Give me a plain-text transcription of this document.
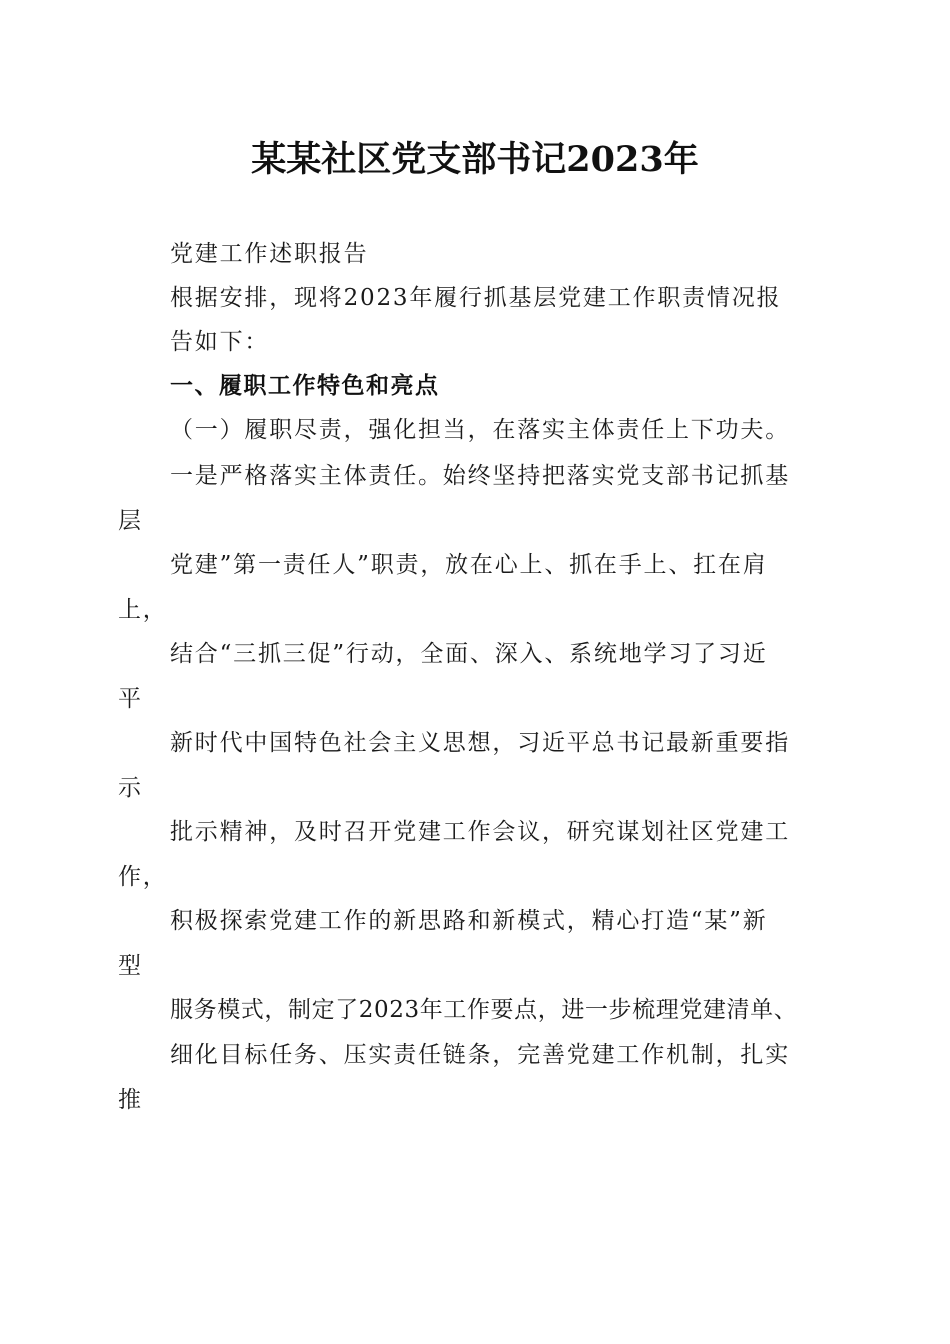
某某社区党支部书记2023年
党建工作述职报告
根据安排，现将2023年履行抓基层党建工作职责情况报
告如下：
一、履职工作特色和亮点
（一）履职尽责，强化担当，在落实主体责任上下功夫。
一是严格落实主体责任。始终坚持把落实党支部书记抓基
层
党建”第一责任人”职责，放在心上、抓在手上、扛在肩
上，
结合“三抓三促”行动，全面、深入、系统地学习了习近
平
新时代中国特色社会主义思想，习近平总书记最新重要指
示
批示精神，及时召开党建工作会议，研究谋划社区党建工
作，
积极探索党建工作的新思路和新模式，精心打造“某”新
型
服务模式，制定了2023年工作要点，进一步梳理党建清单、
细化目标任务、压实责任链条，完善党建工作机制，扎实
推
